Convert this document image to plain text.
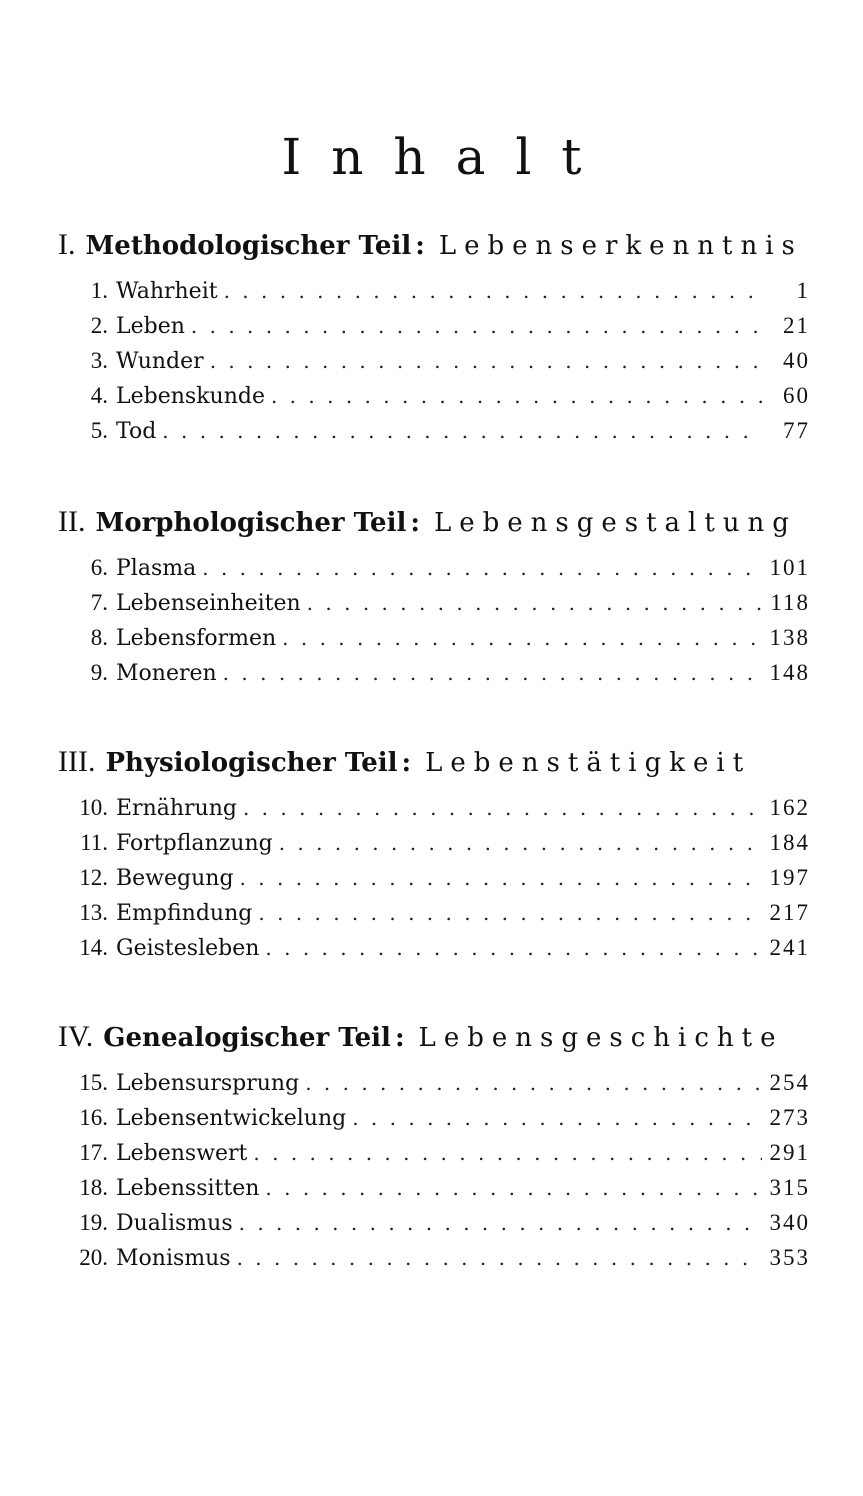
Inhalt
I. Methodologischer Teil : Lebenserkenntnis
1. Wahrheit . . .	1
2. Leben . . .	21
3. Wunder . . .	40
4. Lebenskunde . . .	60
5. Tod . . .	77
II. Morphologischer Teil : Lebensgestaltung
6. Plasma . . .	101
7. Lebenseinheiten . . .	118
8. Lebensformen . . .	138
9. Moneren . . .	148
III. Physiologischer Teil : Lebenstätigkeit
10. Ernährung . . .	162
11. Fortpflanzung . . .	184
12. Bewegung . . .	197
13. Empfindung . . .	217
14. Geistesleben . . .	241
IV. Genealogischer Teil : Lebensgeschichte
15. Lebensursprung . . .	254
16. Lebensentwickelung . . .	273
17. Lebenswert . . .	291
18. Lebenssitten . . .	315
19. Dualismus . . .	340
20. Monismus . . .	353
